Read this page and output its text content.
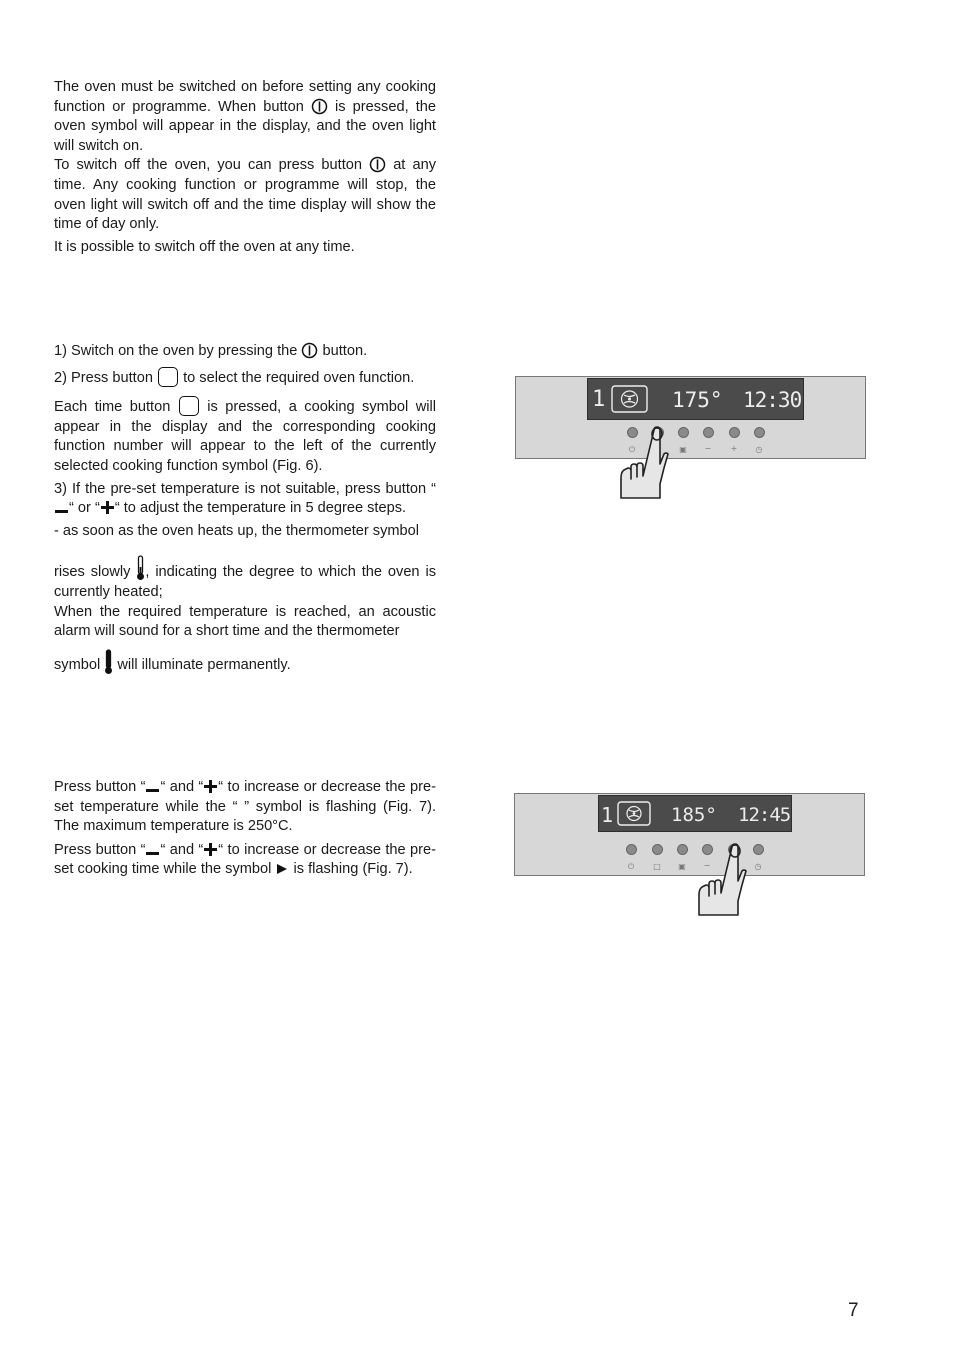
The oven must be switched on before setting any cooking function or programme. When button  is pressed, the oven symbol will appear in the display, and the oven light will switch on.

To switch off the oven, you can press button  at any time. Any cooking function or programme will stop, the oven light will switch off and the time display will show the time of day only.

It is possible to switch off the oven at any time.

1) Switch on the oven by pressing the  button.

2) Press button  to select the required oven function.

Each time button  is pressed, a cooking symbol will appear in the display and the corresponding cooking function number will appear to the left of the currently selected cooking function symbol (Fig. 6).

3) If the pre-set temperature is not suitable, press button ““ or “ “ to adjust the temperature in 5 degree steps.

- as soon as the oven heats up, the thermometer symbol

rises slowly , indicating the degree to which the oven is currently heated;

When the required temperature is reached, an acoustic alarm will sound for a short time and the thermometer

symbol  will illuminate permanently.

Press button “ “ and “ “ to increase or decrease the pre-set temperature while the “ ” symbol is flashing (Fig. 7). The maximum temperature is 250°C.

Press button “ “ and “ “ to increase or decrease the pre-set cooking time while the symbol  is flashing (Fig. 7).

1	175° 12:30
⏻	▣	−	+	◷
1	185° 12:45
⏻	□ ▣	−	◷
7
